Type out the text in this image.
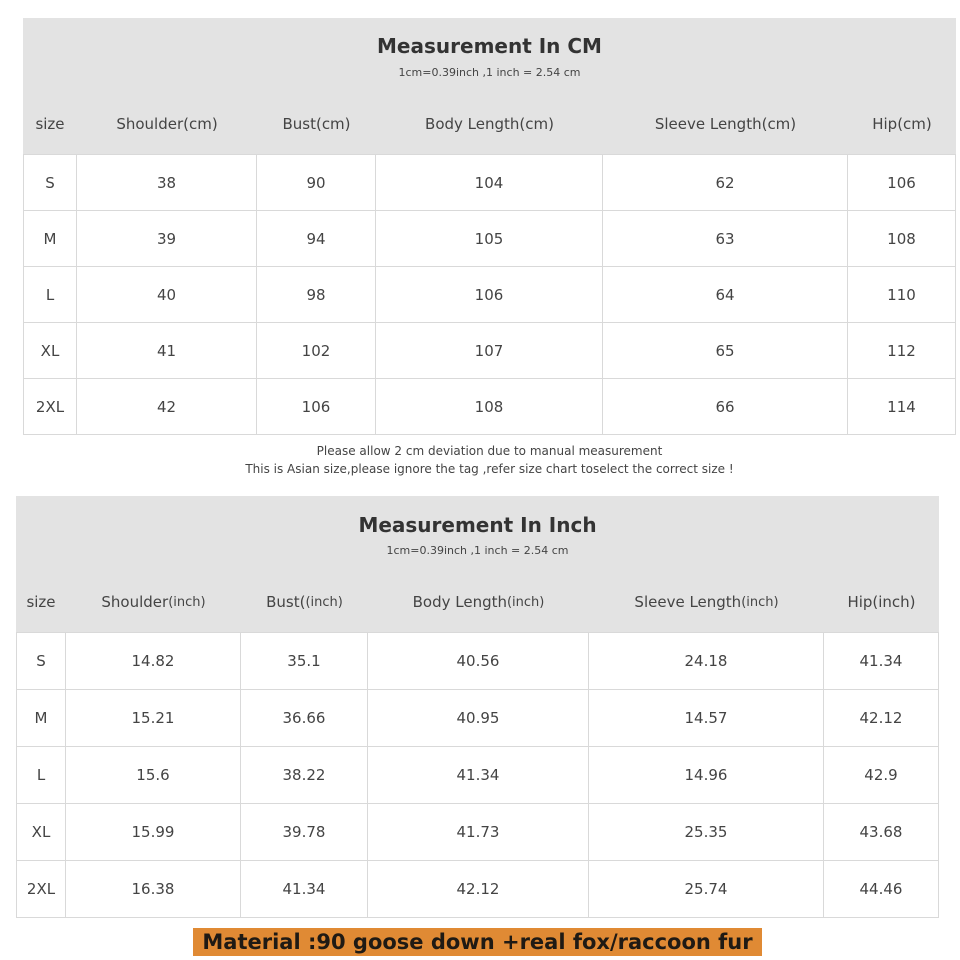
Measurement In CM
1cm=0.39inch ,1 inch = 2.54 cm
size	Shoulder(cm)	Bust(cm)	Body Length(cm)	Sleeve Length(cm)	Hip(cm)
S	38	90	104	62	106
M	39	94	105	63	108
L	40	98	106	64	110
XL	41	102	107	65	112
2XL	42	106	108	66	114
Please allow 2 cm deviation due to manual measurement
This is Asian size,please ignore the tag ,refer size chart toselect the correct size !
Measurement In Inch
1cm=0.39inch ,1 inch = 2.54 cm
size	Shoulder (inch)	Bust( (inch)	Body Length (inch)	Sleeve Length (inch)	Hip(inch)
S	14.82	35.1	40.56	24.18	41.34
M	15.21	36.66	40.95	14.57	42.12
L	15.6	38.22	41.34	14.96	42.9
XL	15.99	39.78	41.73	25.35	43.68
2XL	16.38	41.34	42.12	25.74	44.46
Material :90 goose down +real fox/raccoon fur
